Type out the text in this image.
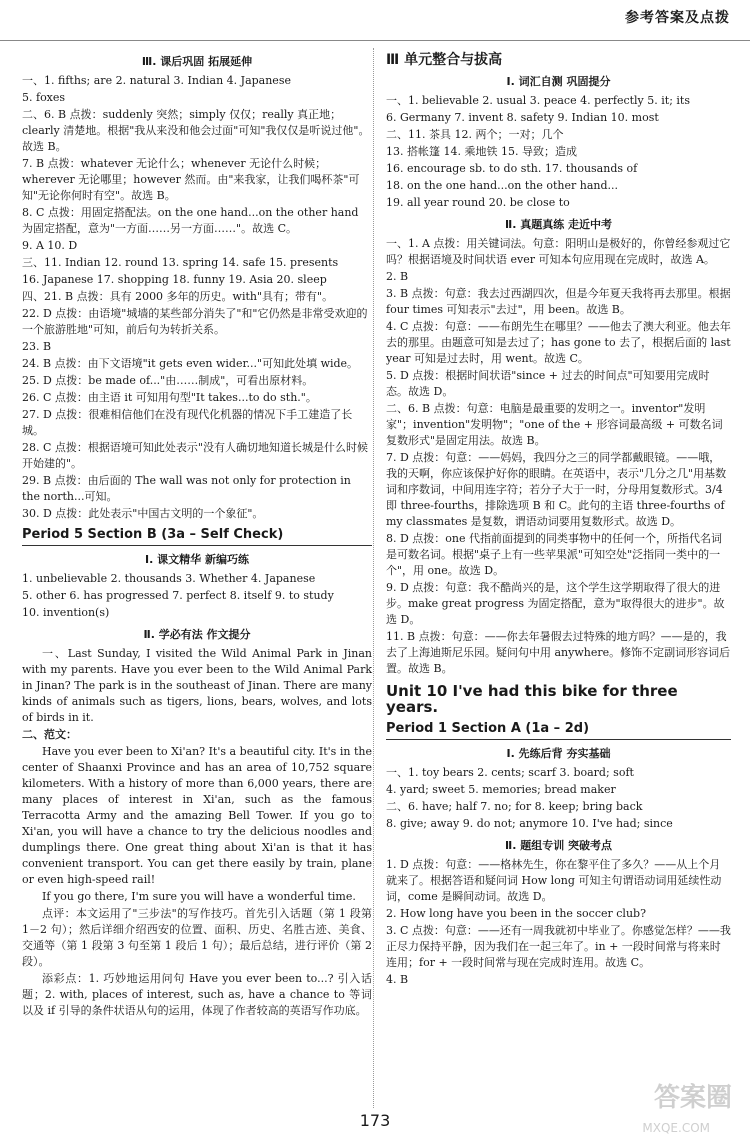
参考答案及点拨
Ⅲ. 课后巩固 拓展延伸

一、1. fifths; are 2. natural 3. Indian 4. Japanese

5. foxes

二、6. B 点拨：suddenly 突然；simply 仅仅；really 真正地；clearly 清楚地。根据"我从来没和他会过面"可知"我仅仅是听说过他"。故选 B。

7. B 点拨：whatever 无论什么；whenever 无论什么时候；wherever 无论哪里；however 然而。由"来我家，让我们喝杯茶"可知"无论你何时有空"。故选 B。

8. C 点拨：用固定搭配法。on the one hand...on the other hand 为固定搭配，意为"一方面……另一方面……"。故选 C。

9. A 10. D

三、11. Indian 12. round 13. spring 14. safe 15. presents

16. Japanese 17. shopping 18. funny 19. Asia 20. sleep

四、21. B 点拨：具有 2000 多年的历史。with"具有；带有"。

22. D 点拨：由语境"城墙的某些部分消失了"和"它仍然是非常受欢迎的一个旅游胜地"可知，前后句为转折关系。

23. B

24. B 点拨：由下文语境"it gets even wider..."可知此处填 wide。

25. D 点拨：be made of..."由……制成"，可看出原材料。

26. C 点拨：由主语 it 可知用句型"It takes...to do sth."。

27. D 点拨：很难相信他们在没有现代化机器的情况下手工建造了长城。

28. C 点拨：根据语境可知此处表示"没有人确切地知道长城是什么时候开始建的"。

29. B 点拨：由后面的 The wall was not only for protection in the north...可知。

30. D 点拨：此处表示"中国古文明的一个象征"。

Period 5 Section B (3a – Self Check)
Ⅰ. 课文精华 新编巧练

1. unbelievable 2. thousands 3. Whether 4. Japanese

5. other 6. has progressed 7. perfect 8. itself 9. to study

10. invention(s)

Ⅱ. 学必有法 作文提分

一、Last Sunday, I visited the Wild Animal Park in Jinan with my parents. Have you ever been to the Wild Animal Park in Jinan? The park is in the southeast of Jinan. There are many kinds of animals such as tigers, lions, bears, wolves, and lots of birds in it.

二、范文：

Have you ever been to Xi'an? It's a beautiful city. It's in the center of Shaanxi Province and has an area of 10,752 square kilometers. With a history of more than 6,000 years, there are many places of interest in Xi'an, such as the famous Terracotta Army and the amazing Bell Tower. If you go to Xi'an, you will have a chance to try the delicious noodles and dumplings there. One great thing about Xi'an is that it has convenient transport. You can get there easily by train, plane or even high-speed rail!

If you go there, I'm sure you will have a wonderful time.

点评：本文运用了"三步法"的写作技巧。首先引入话题（第 1 段第 1－2 句）；然后详细介绍西安的位置、面积、历史、名胜古迹、美食、交通等（第 1 段第 3 句至第 1 段后 1 句）；最后总结，进行评价（第 2 段）。

添彩点：1. 巧妙地运用问句 Have you ever been to...? 引入话题；2. with, places of interest, such as, have a chance to 等词以及 if 引导的条件状语从句的运用，体现了作者较高的英语写作功底。

Ⅲ 单元整合与拔高
Ⅰ. 词汇自测 巩固提分

一、1. believable 2. usual 3. peace 4. perfectly 5. it; its

6. Germany 7. invent 8. safety 9. Indian 10. most

二、11. 茶具 12. 两个；一对；几个

13. 搭帐篷 14. 乘地铁 15. 导致；造成

16. encourage sb. to do sth. 17. thousands of

18. on the one hand...on the other hand...

19. all year round 20. be close to

Ⅱ. 真题真练 走近中考

一、1. A 点拨：用关键词法。句意：阳明山是极好的，你曾经参观过它吗？根据语境及时间状语 ever 可知本句应用现在完成时，故选 A。

2. B

3. B 点拨：句意：我去过西湖四次，但是今年夏天我将再去那里。根据 four times 可知表示"去过"，用 been。故选 B。

4. C 点拨：句意：——布朗先生在哪里？——他去了澳大利亚。他去年去的那里。由题意可知是去过了；has gone to 去了，根据后面的 last year 可知是过去时，用 went。故选 C。

5. D 点拨：根据时间状语"since + 过去的时间点"可知要用完成时态。故选 D。

二、6. B 点拨：句意：电脑是最重要的发明之一。inventor"发明家"；invention"发明物"；"one of the + 形容词最高级 + 可数名词复数形式"是固定用法。故选 B。

7. D 点拨：句意：——妈妈，我四分之三的同学都戴眼镜。——哦，我的天啊，你应该保护好你的眼睛。在英语中，表示"几分之几"用基数词和序数词，中间用连字符；若分子大于一时，分母用复数形式。3/4 即 three-fourths，排除选项 B 和 C。此句的主语 three-fourths of my classmates 是复数，谓语动词要用复数形式。故选 D。

8. D 点拨：one 代指前面提到的同类事物中的任何一个，所指代名词是可数名词。根据"桌子上有一些苹果派"可知空处"泛指同一类中的一个"，用 one。故选 D。

9. D 点拨：句意：我不酷尚兴的是，这个学生这学期取得了很大的进步。make great progress 为固定搭配，意为"取得很大的进步"。故选 D。

11. B 点拨：句意：——你去年暑假去过特殊的地方吗？——是的，我去了上海迪斯尼乐园。疑问句中用 anywhere。修饰不定副词形容词后置。故选 B。

Unit 10 I've had this bike for three years.
Period 1 Section A (1a – 2d)
Ⅰ. 先练后背 夯实基础

一、1. toy bears 2. cents; scarf 3. board; soft

4. yard; sweet 5. memories; bread maker

二、6. have; half 7. no; for 8. keep; bring back

8. give; away 9. do not; anymore 10. I've had; since

Ⅱ. 题组专训 突破考点

1. D 点拨：句意：——格林先生，你在黎平住了多久？——从上个月就来了。根据答语和疑问词 How long 可知主句谓语动词用延续性动词，come 是瞬间动词。故选 D。

2. How long have you been in the soccer club?

3. C 点拨：句意：——还有一周我就初中毕业了。你感觉怎样？——我正尽力保持平静，因为我们在一起三年了。in + 一段时间常与将来时连用；for + 一段时间常与现在完成时连用。故选 C。

4. B

173
答案圈
MXQE.COM
